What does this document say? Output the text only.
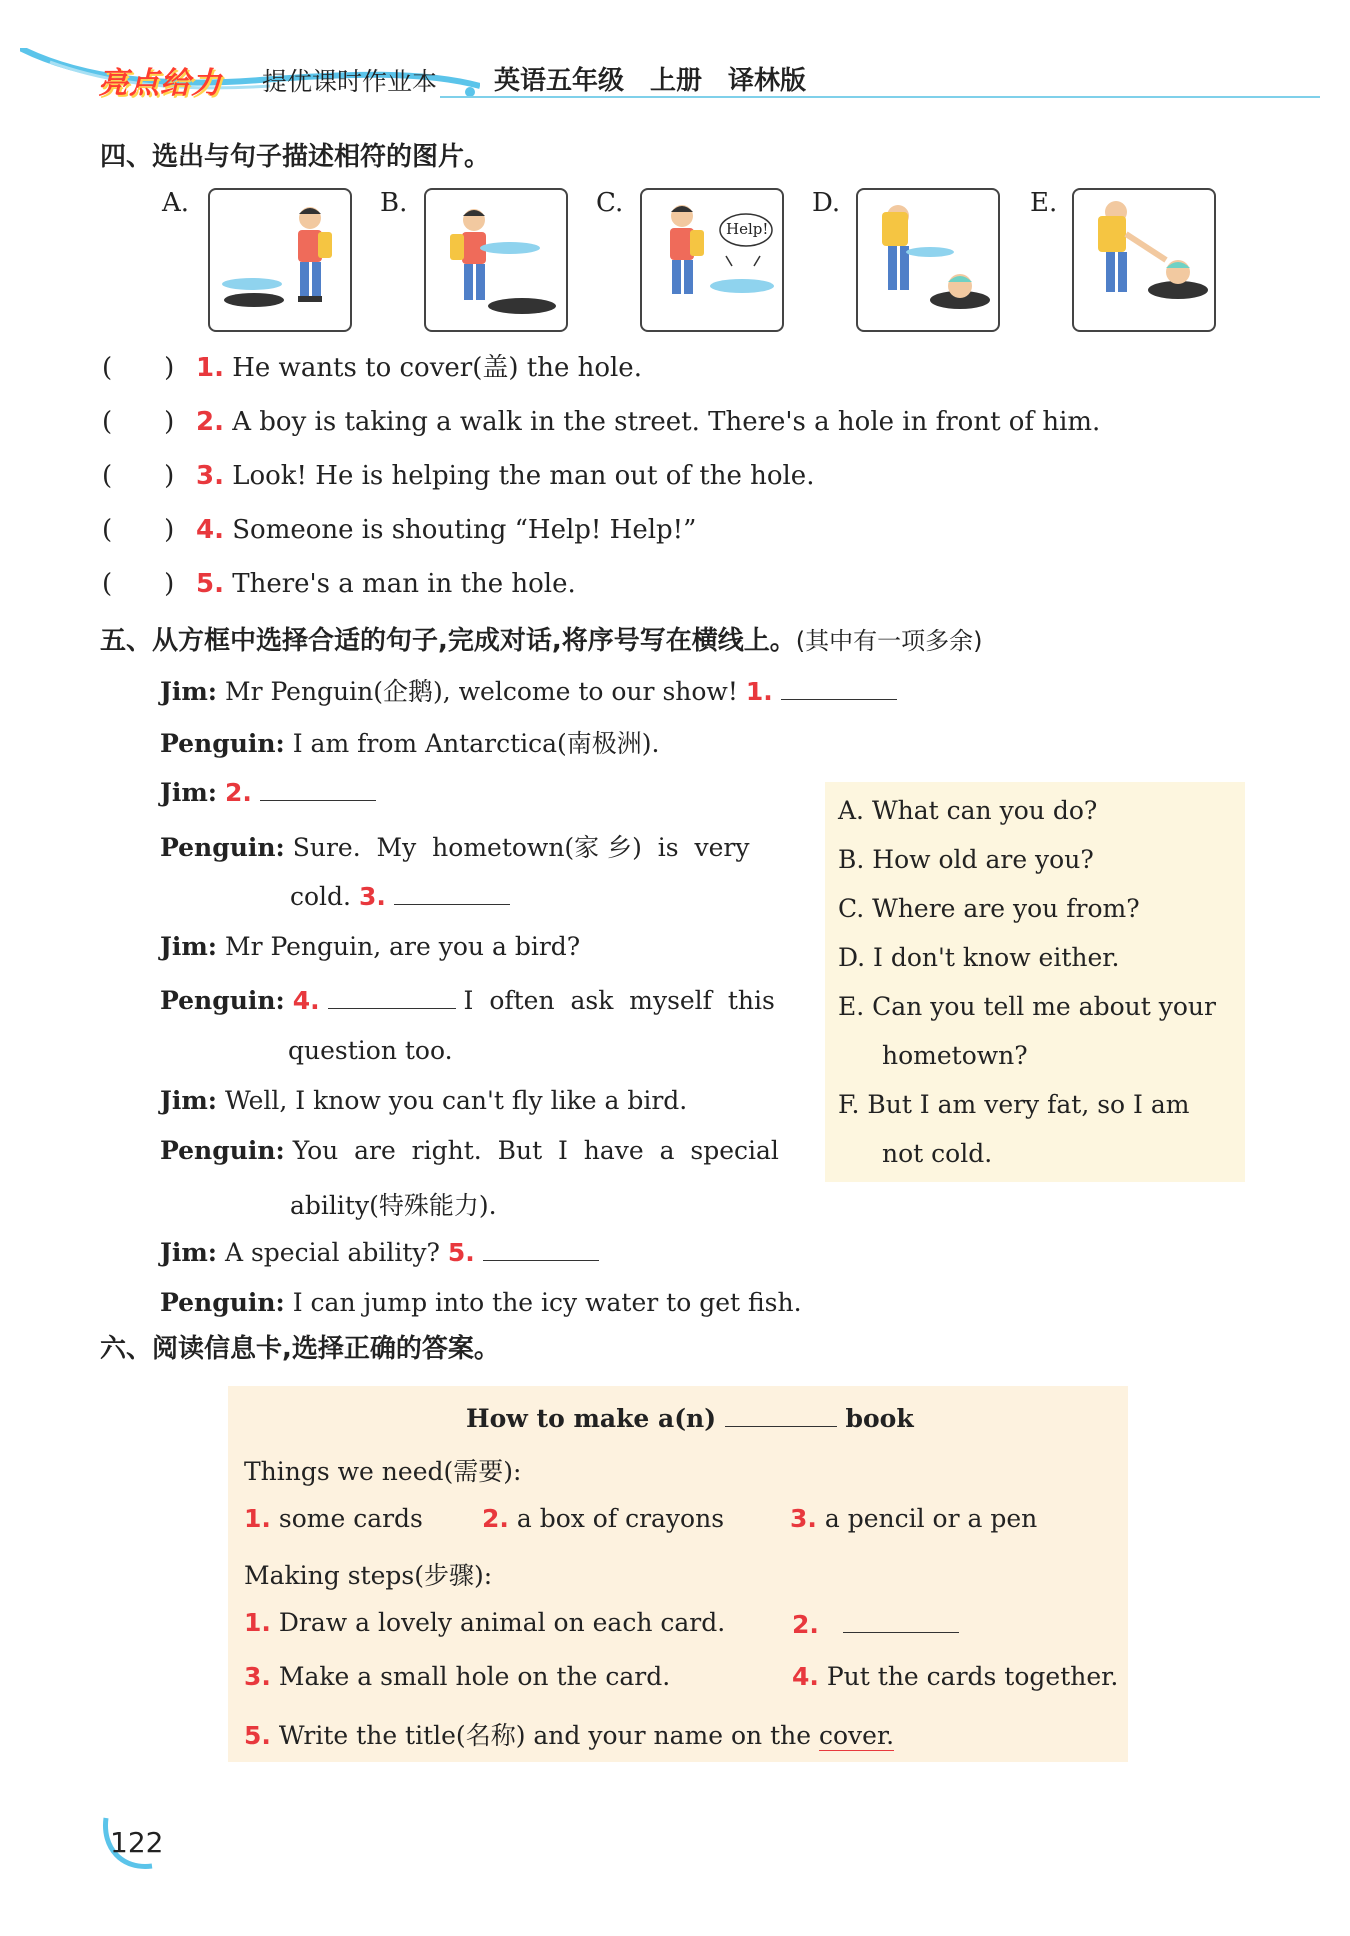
亮点给力 提优课时作业本 英语五年级　上册　译林版
四、选出与句子描述相符的图片。
A.	B.	C.	D.	E.
Help!
(　　) 1. He wants to cover(盖) the hole.
(　　) 2. A boy is taking a walk in the street. There's a hole in front of him.
(　　) 3. Look! He is helping the man out of the hole.
(　　) 4. Someone is shouting “Help! Help!”
(　　) 5. There's a man in the hole.
五、从方框中选择合适的句子,完成对话,将序号写在横线上。(其中有一项多余)
Jim: Mr Penguin(企鹅), welcome to our show! 1.
Penguin: I am from Antarctica(南极洲).
Jim: 2.
Penguin: Sure.  My  hometown(家 乡)  is  very
cold. 3.
Jim: Mr Penguin, are you a bird?
Penguin: 4.	I  often  ask  myself  this
question too.
Jim: Well, I know you can't fly like a bird.
Penguin: You  are  right.  But  I  have  a  special
ability(特殊能力).
Jim: A special ability? 5.
Penguin: I can jump into the icy water to get fish.
A. What can you do?
B. How old are you?
C. Where are you from?
D. I don't know either.
E. Can you tell me about your
hometown?
F. But I am very fat, so I am
not cold.
六、阅读信息卡,选择正确的答案。
How to make a(n)	book
Things we need(需要):
1. some cards 2. a box of crayons	3. a pencil or a pen
Making steps(步骤):
1. Draw a lovely animal on each card.	2.
3. Make a small hole on the card.	4. Put the cards together.
5. Write the title(名称) and your name on the cover.
122
